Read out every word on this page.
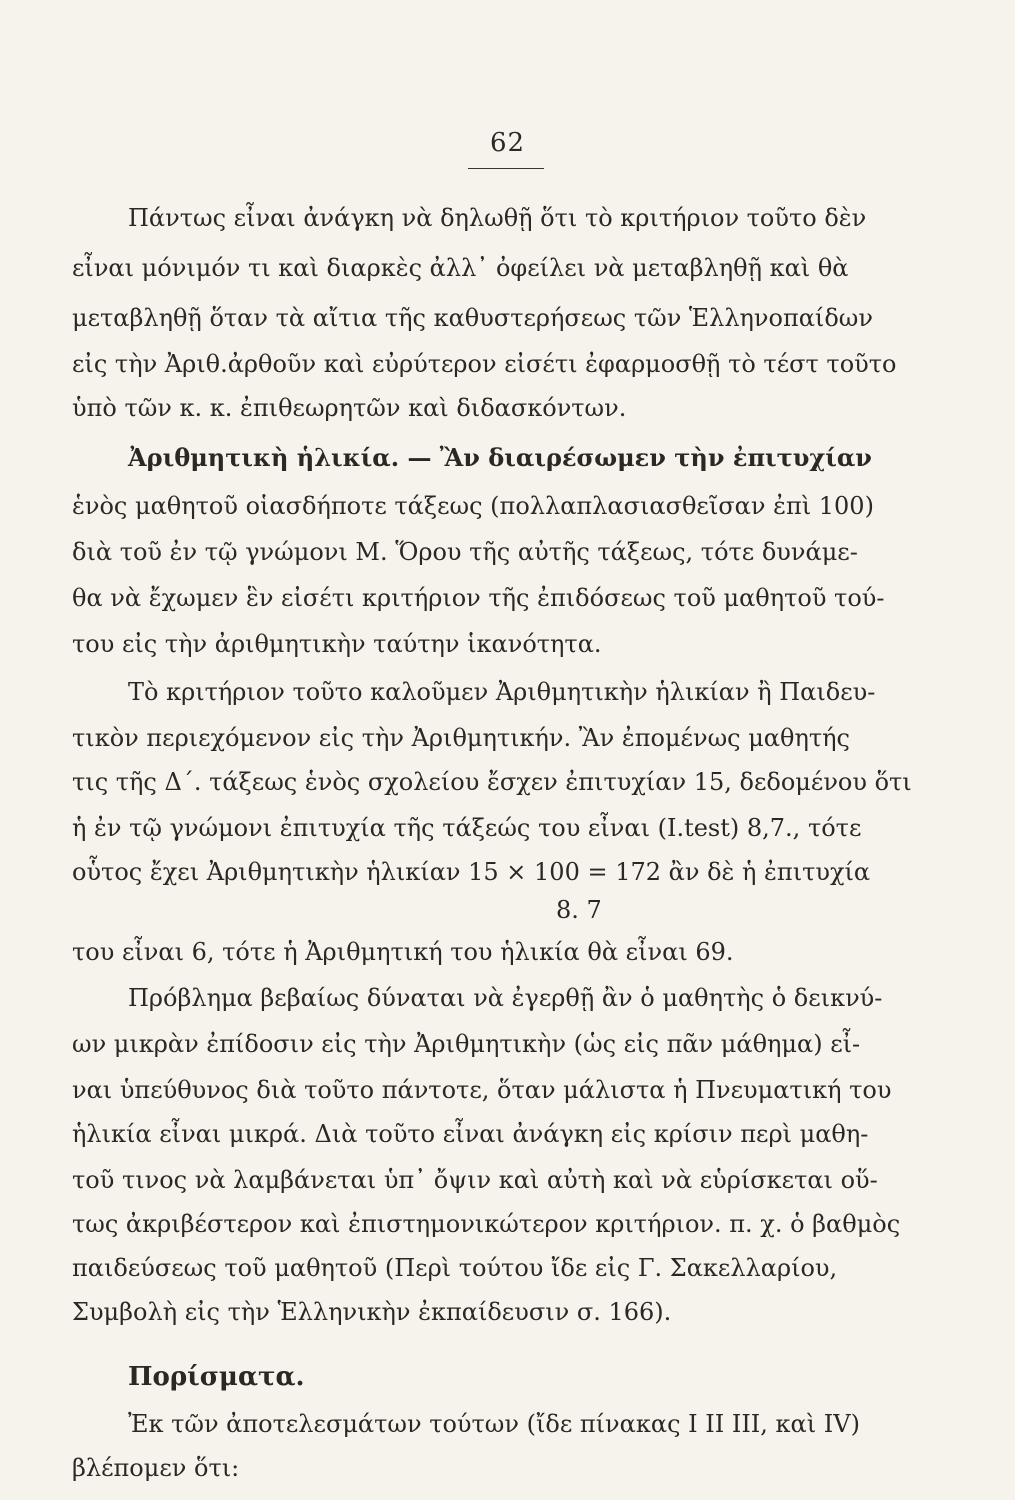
62
Πάντως εἶναι ἀνάγκη νὰ δηλωθῇ ὅτι τὸ κριτήριον τοῦτο δὲν
εἶναι μόνιμόν τι καὶ διαρκὲς ἀλλ᾽ ὀφείλει νὰ μεταβληθῇ καὶ θὰ
μεταβληθῇ ὅταν τὰ αἴτια τῆς καθυστερήσεως τῶν Ἑλληνοπαίδων
εἰς τὴν Ἀριθ.ἀρθοῦν καὶ εὐρύτερον εἰσέτι ἐφαρμοσθῇ τὸ τέστ τοῦτο
ὑπὸ τῶν κ. κ. ἐπιθεωρητῶν καὶ διδασκόντων.
Ἀριθμητικὴ ἡλικία. — Ἂν διαιρέσωμεν τὴν ἐπιτυχίαν
ἑνὸς μαθητοῦ οἱασδήποτε τάξεως (πολλαπλασιασθεῖσαν ἐπὶ 100)
διὰ τοῦ ἐν τῷ γνώμονι Μ. Ὅρου τῆς αὐτῆς τάξεως, τότε δυνάμε-
θα νὰ ἔχωμεν ἓν εἰσέτι κριτήριον τῆς ἐπιδόσεως τοῦ μαθητοῦ τού-
του εἰς τὴν ἀριθμητικὴν ταύτην ἱκανότητα.
Τὸ κριτήριον τοῦτο καλοῦμεν Ἀριθμητικὴν ἡλικίαν ἢ Παιδευ-
τικὸν περιεχόμενον εἰς τὴν Ἀριθμητικήν. Ἂν ἐπομένως μαθητής
τις τῆς Δ΄. τάξεως ἑνὸς σχολείου ἔσχεν ἐπιτυχίαν 15, δεδομένου ὅτι
ἡ ἐν τῷ γνώμονι ἐπιτυχία τῆς τάξεώς του εἶναι (I.test) 8,7., τότε
οὗτος ἔχει Ἀριθμητικὴν ἡλικίαν 15 × 100 = 172 ἂν δὲ ἡ ἐπιτυχία
8. 7
του εἶναι 6, τότε ἡ Ἀριθμητική του ἡλικία θὰ εἶναι 69.
Πρόβλημα βεβαίως δύναται νὰ ἐγερθῇ ἂν ὁ μαθητὴς ὁ δεικνύ-
ων μικρὰν ἐπίδοσιν εἰς τὴν Ἀριθμητικὴν (ὡς εἰς πᾶν μάθημα) εἶ-
ναι ὑπεύθυνος διὰ τοῦτο πάντοτε, ὅταν μάλιστα ἡ Πνευματική του
ἡλικία εἶναι μικρά. Διὰ τοῦτο εἶναι ἀνάγκη εἰς κρίσιν περὶ μαθη-
τοῦ τινος νὰ λαμβάνεται ὑπ᾽ ὄψιν καὶ αὐτὴ καὶ νὰ εὑρίσκεται οὕ-
τως ἀκριβέστερον καὶ ἐπιστημονικώτερον κριτήριον. π. χ. ὁ βαθμὸς
παιδεύσεως τοῦ μαθητοῦ (Περὶ τούτου ἴδε εἰς Γ. Σακελλαρίου,
Συμβολὴ εἰς τὴν Ἑλληνικὴν ἐκπαίδευσιν σ. 166).
Πορίσματα.
Ἐκ τῶν ἀποτελεσμάτων τούτων (ἴδε πίνακας I II III, καὶ IV)
βλέπομεν ὅτι:
